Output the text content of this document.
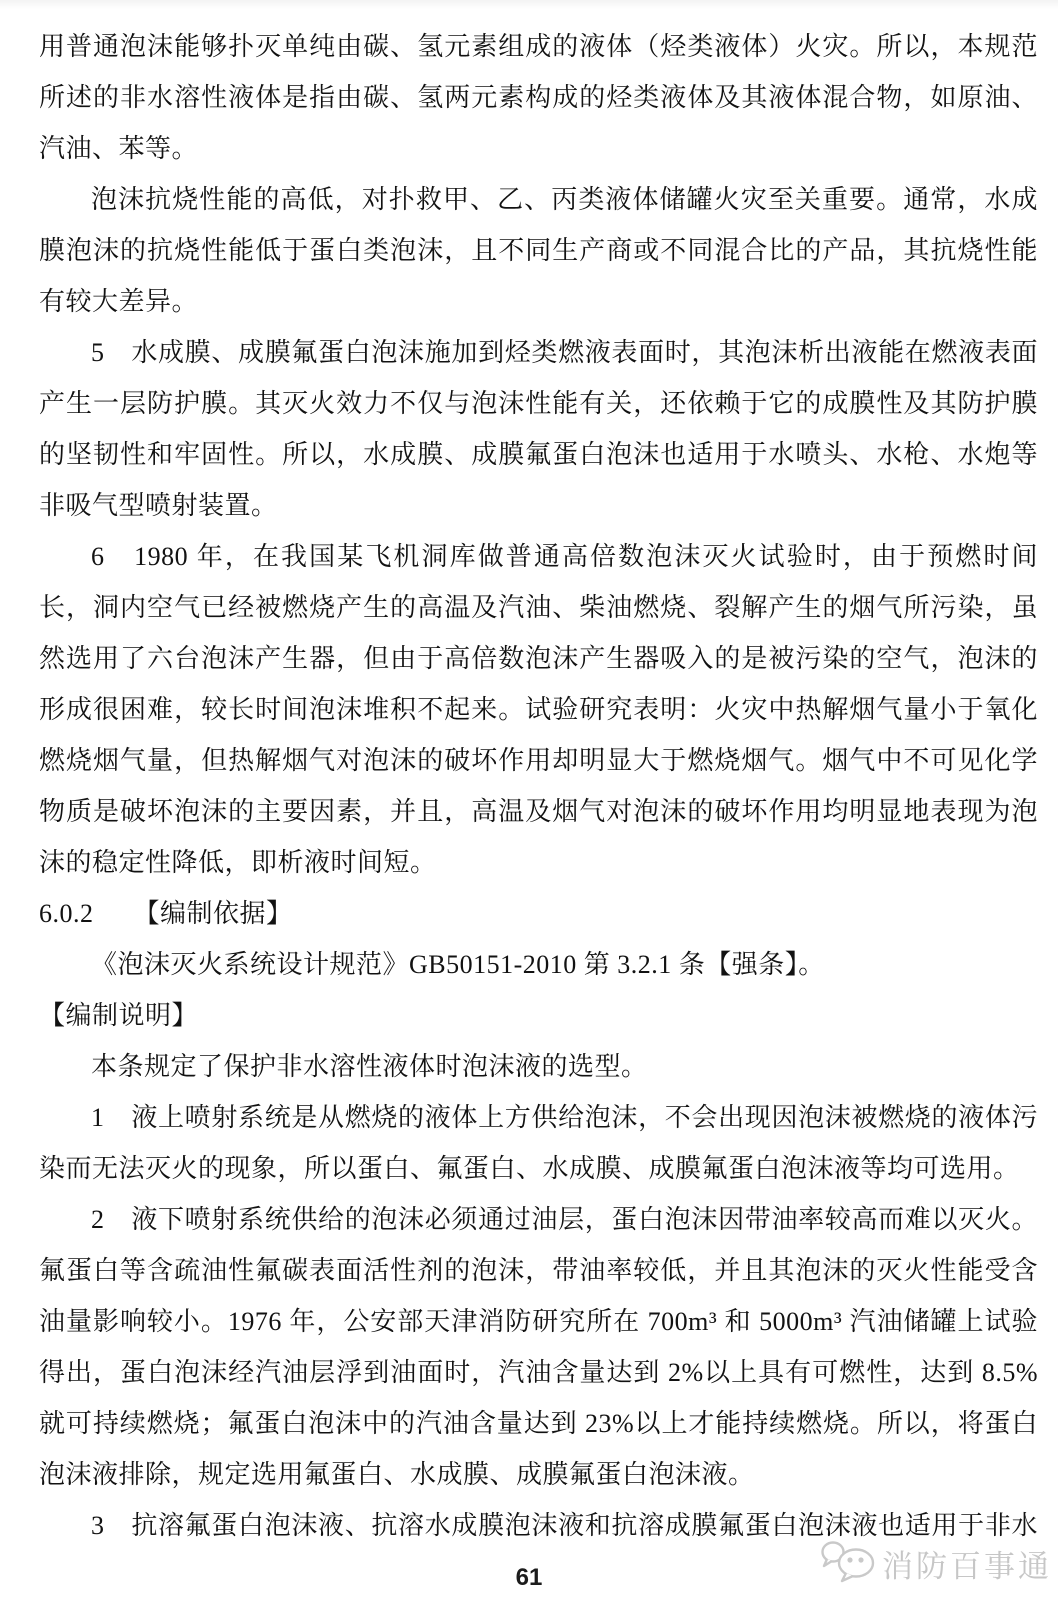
用普通泡沫能够扑灭单纯由碳、氢元素组成的液体（烃类液体）火灾。所以，本规范所述的非水溶性液体是指由碳、氢两元素构成的烃类液体及其液体混合物，如原油、汽油、苯等。

泡沫抗烧性能的高低，对扑救甲、乙、丙类液体储罐火灾至关重要。通常，水成膜泡沫的抗烧性能低于蛋白类泡沫，且不同生产商或不同混合比的产品，其抗烧性能有较大差异。

5　水成膜、成膜氟蛋白泡沫施加到烃类燃液表面时，其泡沫析出液能在燃液表面产生一层防护膜。其灭火效力不仅与泡沫性能有关，还依赖于它的成膜性及其防护膜的坚韧性和牢固性。所以，水成膜、成膜氟蛋白泡沫也适用于水喷头、水枪、水炮等非吸气型喷射装置。

6　1980 年，在我国某飞机洞库做普通高倍数泡沫灭火试验时，由于预燃时间长，洞内空气已经被燃烧产生的高温及汽油、柴油燃烧、裂解产生的烟气所污染，虽然选用了六台泡沫产生器，但由于高倍数泡沫产生器吸入的是被污染的空气，泡沫的形成很困难，较长时间泡沫堆积不起来。试验研究表明：火灾中热解烟气量小于氧化燃烧烟气量，但热解烟气对泡沫的破坏作用却明显大于燃烧烟气。烟气中不可见化学物质是破坏泡沫的主要因素，并且，高温及烟气对泡沫的破坏作用均明显地表现为泡沫的稳定性降低，即析液时间短。

6.0.2　　【编制依据】

《泡沫灭火系统设计规范》GB50151-2010 第 3.2.1 条【强条】。

【编制说明】

本条规定了保护非水溶性液体时泡沫液的选型。

1　液上喷射系统是从燃烧的液体上方供给泡沫，不会出现因泡沫被燃烧的液体污染而无法灭火的现象，所以蛋白、氟蛋白、水成膜、成膜氟蛋白泡沫液等均可选用。

2　液下喷射系统供给的泡沫必须通过油层，蛋白泡沫因带油率较高而难以灭火。氟蛋白等含疏油性氟碳表面活性剂的泡沫，带油率较低，并且其泡沫的灭火性能受含油量影响较小。1976 年，公安部天津消防研究所在 700m³ 和 5000m³ 汽油储罐上试验得出，蛋白泡沫经汽油层浮到油面时，汽油含量达到 2%以上具有可燃性，达到 8.5%就可持续燃烧；氟蛋白泡沫中的汽油含量达到 23%以上才能持续燃烧。所以，将蛋白泡沫液排除，规定选用氟蛋白、水成膜、成膜氟蛋白泡沫液。

3　抗溶氟蛋白泡沫液、抗溶水成膜泡沫液和抗溶成膜氟蛋白泡沫液也适用于非水

消防百事通
61
